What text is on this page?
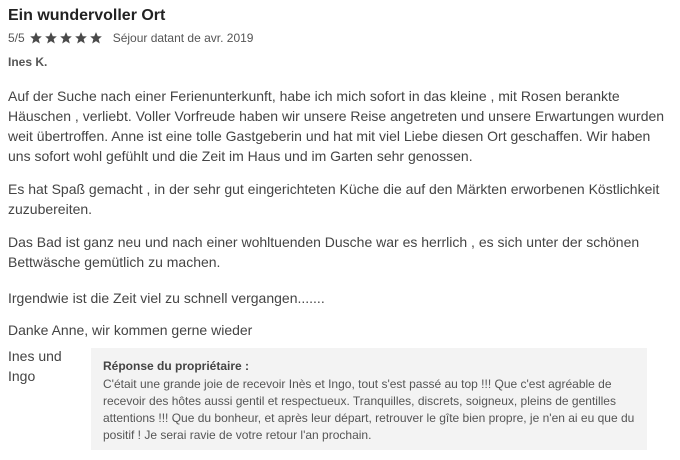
Ein wundervoller Ort
5/5	Séjour datant de avr. 2019
Ines K.

Auf der Suche nach einer Ferienunterkunft, habe ich mich sofort in das kleine , mit Rosen berankte Häuschen , verliebt. Voller Vorfreude haben wir unsere Reise angetreten und unsere Erwartungen wurden weit übertroffen. Anne ist eine tolle Gastgeberin und hat mit viel Liebe diesen Ort geschaffen. Wir haben uns sofort wohl gefühlt und die Zeit im Haus und im Garten sehr genossen.

Es hat Spaß gemacht , in der sehr gut eingerichteten Küche die auf den Märkten erworbenen Köstlichkeit zuzubereiten.

Das Bad ist ganz neu und nach einer wohltuenden Dusche war es herrlich , es sich unter der schönen Bettwäsche gemütlich zu machen.

Irgendwie ist die Zeit viel zu schnell vergangen.......

Danke Anne, wir kommen gerne wieder

Ines und Ingo

Réponse du propriétaire :

C'était une grande joie de recevoir Inès et Ingo, tout s'est passé au top !!! Que c'est agréable de recevoir des hôtes aussi gentil et respectueux. Tranquilles, discrets, soigneux, pleins de gentilles attentions !!! Que du bonheur, et après leur départ, retrouver le gîte bien propre, je n'en ai eu que du positif ! Je serai ravie de votre retour l'an prochain.
